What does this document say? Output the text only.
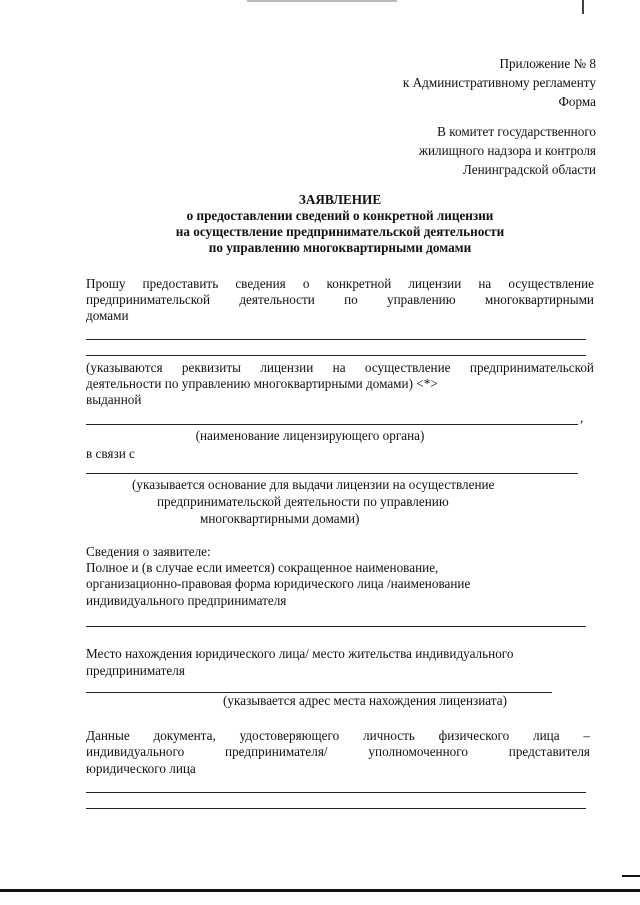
Приложение № 8
к Административному регламенту
Форма
В комитет государственного
жилищного надзора и контроля
Ленинградской области
ЗАЯВЛЕНИЕ
о предоставлении сведений о конкретной лицензии
на осуществление предпринимательской деятельности
по управлению многоквартирными домами
Прошу предоставить сведения о конкретной лицензии на осуществление
предпринимательской деятельности по управлению многоквартирными
домами
(указываются реквизиты лицензии на осуществление предпринимательской
деятельности по управлению многоквартирными домами) <*>
выданной
,
(наименование лицензирующего органа)
в связи с
(указывается основание для выдачи лицензии на осуществление
предпринимательской деятельности по управлению
многоквартирными домами)
Сведения о заявителе:
Полное и (в случае если имеется) сокращенное наименование,
организационно-правовая форма юридического лица /наименование
индивидуального предпринимателя
Место нахождения юридического лица/ место жительства индивидуального
предпринимателя
(указывается адрес места нахождения лицензиата)
Данные документа, удостоверяющего личность физического лица –
индивидуального предпринимателя/ уполномоченного представителя
юридического лица
